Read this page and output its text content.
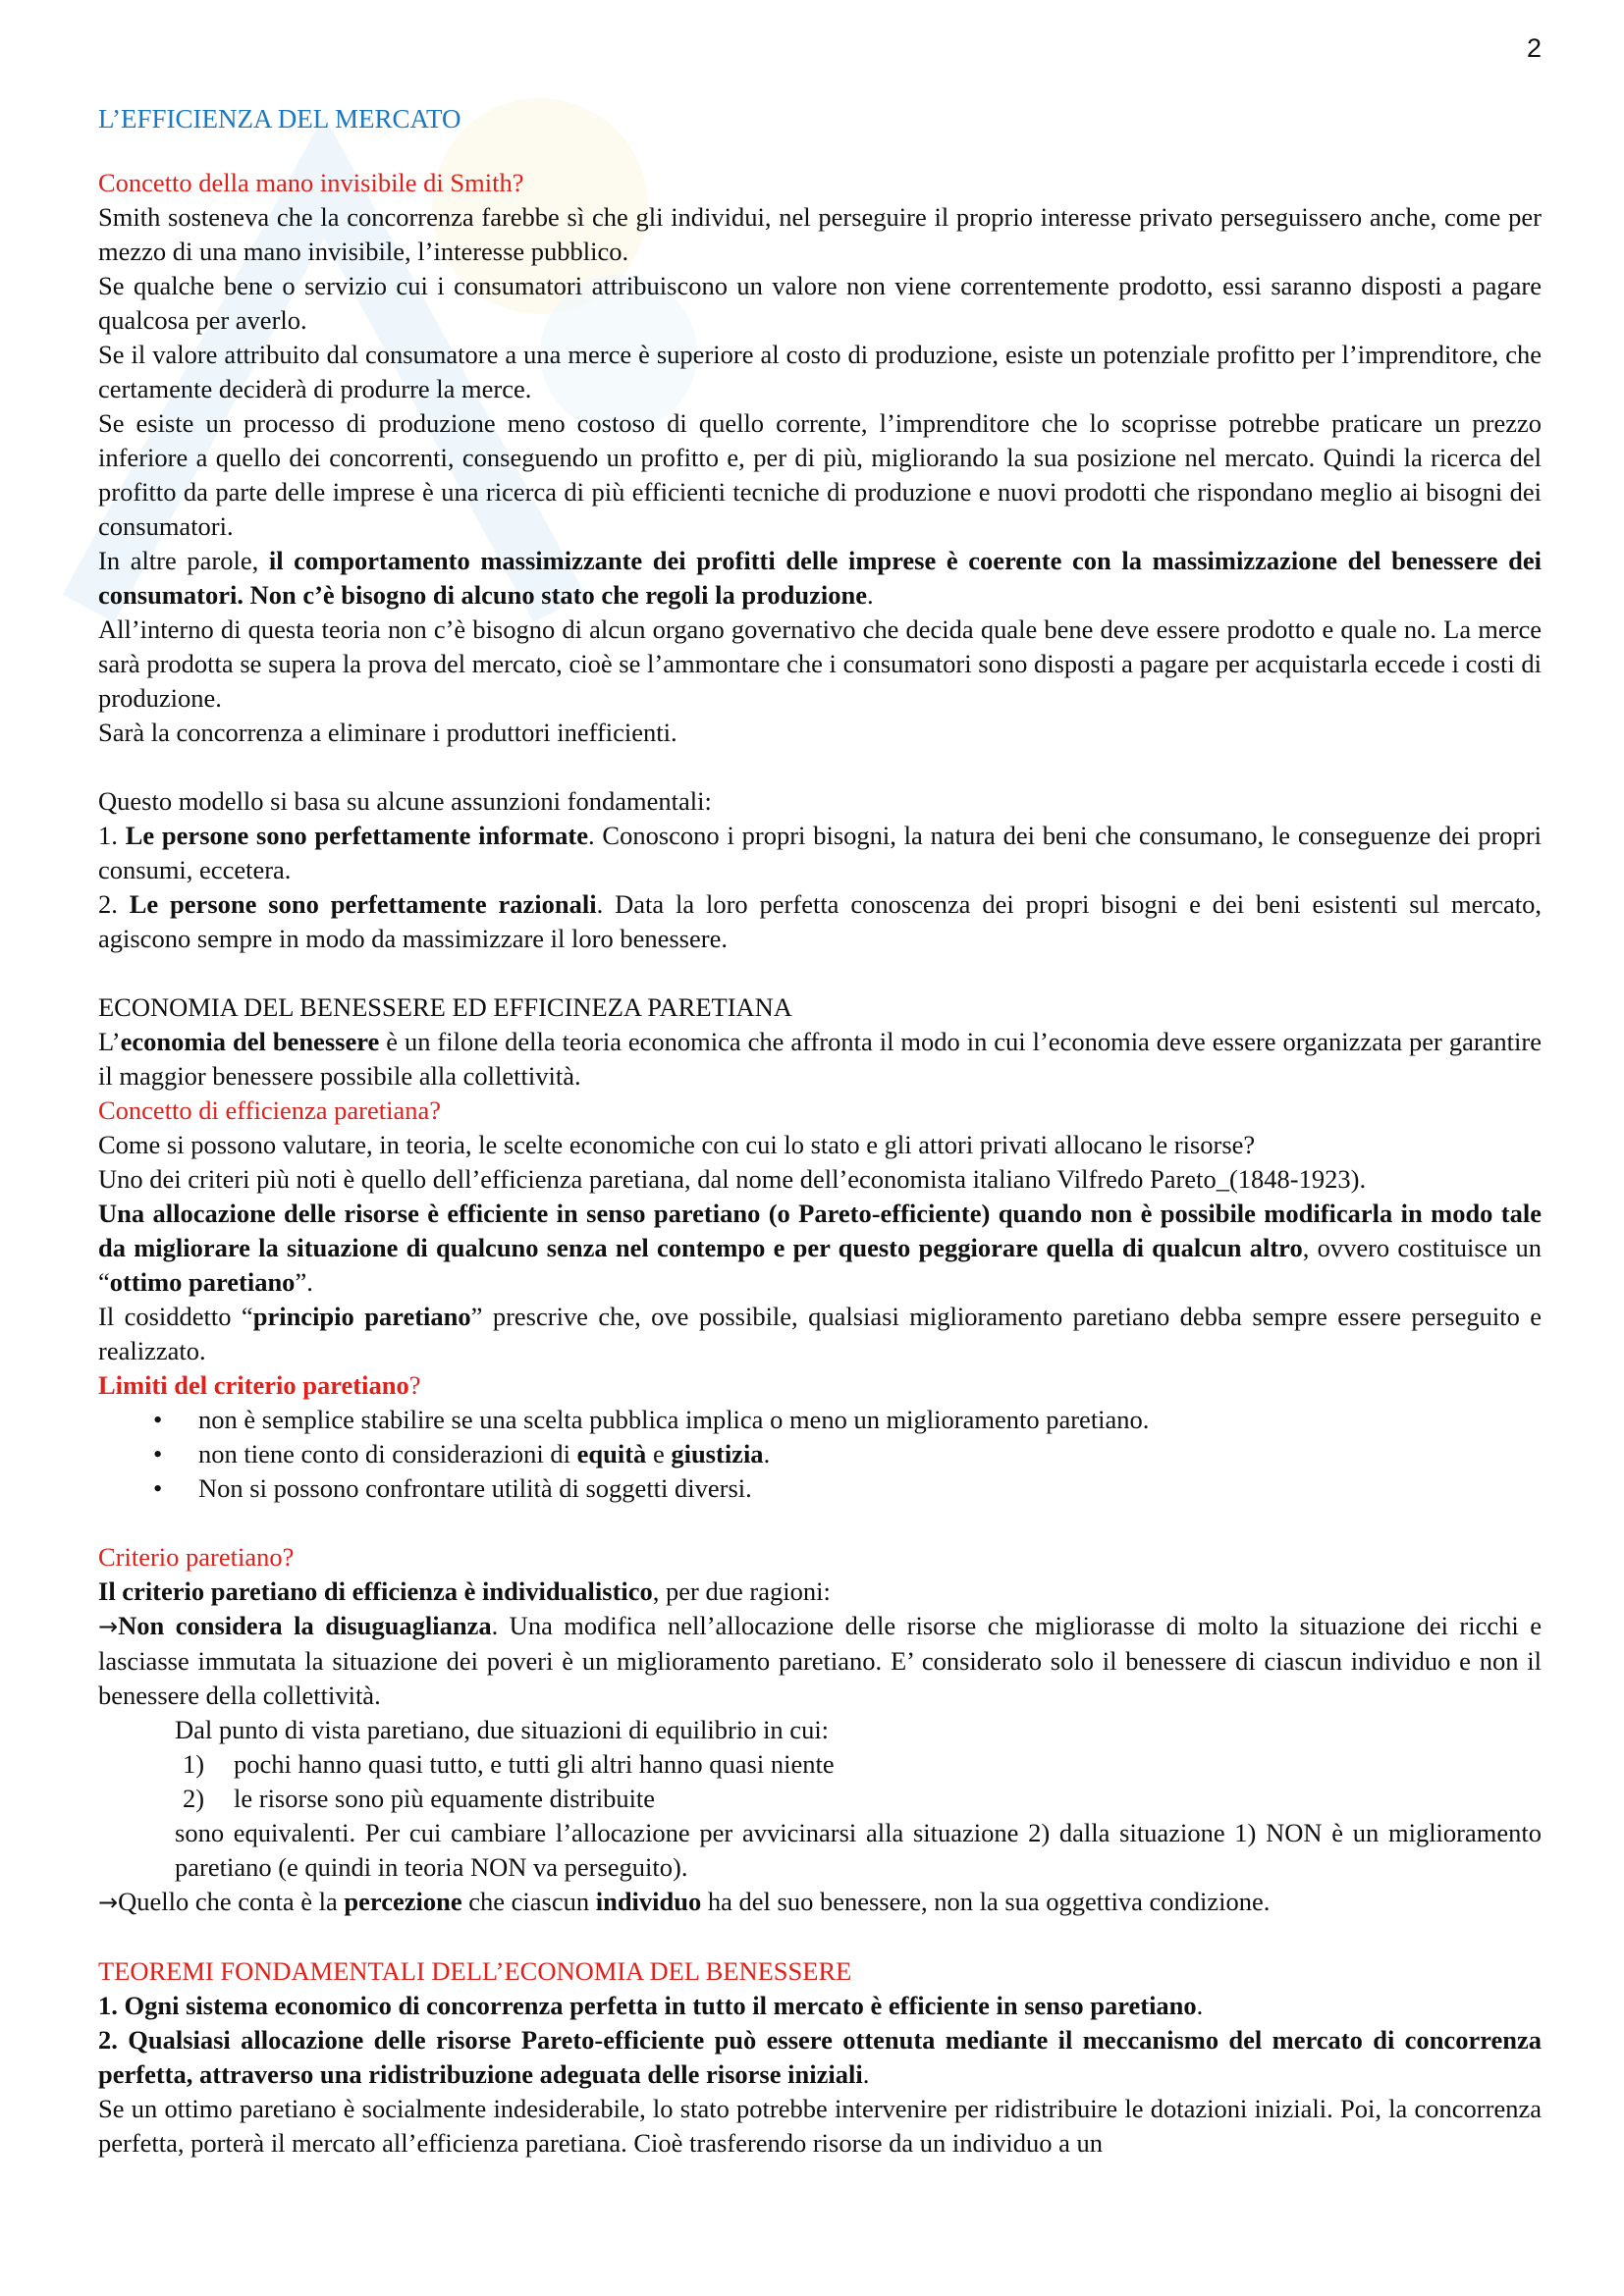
2

L’EFFICIENZA DEL MERCATO

Concetto della mano invisibile di Smith?

Smith sosteneva che la concorrenza farebbe sì che gli individui, nel perseguire il proprio interesse privato perseguissero anche, come per mezzo di una mano invisibile, l’interesse pubblico.

Se qualche bene o servizio cui i consumatori attribuiscono un valore non viene correntemente prodotto, essi saranno disposti a pagare qualcosa per averlo.

Se il valore attribuito dal consumatore a una merce è superiore al costo di produzione, esiste un potenziale profitto per l’imprenditore, che certamente deciderà di produrre la merce.

Se esiste un processo di produzione meno costoso di quello corrente, l’imprenditore che lo scoprisse potrebbe praticare un prezzo inferiore a quello dei concorrenti, conseguendo un profitto e, per di più, migliorando la sua posizione nel mercato. Quindi la ricerca del profitto da parte delle imprese è una ricerca di più efficienti tecniche di produzione e nuovi prodotti che rispondano meglio ai bisogni dei consumatori.

In altre parole, il comportamento massimizzante dei profitti delle imprese è coerente con la massimizzazione del benessere dei consumatori. Non c’è bisogno di alcuno stato che regoli la produzione.

All’interno di questa teoria non c’è bisogno di alcun organo governativo che decida quale bene deve essere prodotto e quale no. La merce sarà prodotta se supera la prova del mercato, cioè se l’ammontare che i consumatori sono disposti a pagare per acquistarla eccede i costi di produzione.

Sarà la concorrenza a eliminare i produttori inefficienti.

Questo modello si basa su alcune assunzioni fondamentali:

1. Le persone sono perfettamente informate. Conoscono i propri bisogni, la natura dei beni che consumano, le conseguenze dei propri consumi, eccetera.

2. Le persone sono perfettamente razionali. Data la loro perfetta conoscenza dei propri bisogni e dei beni esistenti sul mercato, agiscono sempre in modo da massimizzare il loro benessere.

ECONOMIA DEL BENESSERE ED EFFICINEZA PARETIANA

L’economia del benessere è un filone della teoria economica che affronta il modo in cui l’economia deve essere organizzata per garantire il maggior benessere possibile alla collettività.

Concetto di efficienza paretiana?

Come si possono valutare, in teoria, le scelte economiche con cui lo stato e gli attori privati allocano le risorse?

Uno dei criteri più noti è quello dell’efficienza paretiana, dal nome dell’economista italiano Vilfredo Pareto_(1848-1923).

Una allocazione delle risorse è efficiente in senso paretiano (o Pareto-efficiente) quando non è possibile modificarla in modo tale da migliorare la situazione di qualcuno senza nel contempo e per questo peggiorare quella di qualcun altro, ovvero costituisce un “ottimo paretiano”.

Il cosiddetto “principio paretiano” prescrive che, ove possibile, qualsiasi miglioramento paretiano debba sempre essere perseguito e realizzato.

Limiti del criterio paretiano?

• non è semplice stabilire se una scelta pubblica implica o meno un miglioramento paretiano.
• non tiene conto di considerazioni di equità e giustizia.
• Non si possono confrontare utilità di soggetti diversi.

Criterio paretiano?

Il criterio paretiano di efficienza è individualistico, per due ragioni:

→Non considera la disuguaglianza. Una modifica nell’allocazione delle risorse che migliorasse di molto la situazione dei ricchi e lasciasse immutata la situazione dei poveri è un miglioramento paretiano. E’ considerato solo il benessere di ciascun individuo e non il benessere della collettività.

Dal punto di vista paretiano, due situazioni di equilibrio in cui:

1) pochi hanno quasi tutto, e tutti gli altri hanno quasi niente

2) le risorse sono più equamente distribuite

sono equivalenti. Per cui cambiare l’allocazione per avvicinarsi alla situazione 2) dalla situazione 1) NON è un miglioramento paretiano (e quindi in teoria NON va perseguito).

→Quello che conta è la percezione che ciascun individuo ha del suo benessere, non la sua oggettiva condizione.

TEOREMI FONDAMENTALI DELL’ECONOMIA DEL BENESSERE

1. Ogni sistema economico di concorrenza perfetta in tutto il mercato è efficiente in senso paretiano.

2. Qualsiasi allocazione delle risorse Pareto-efficiente può essere ottenuta mediante il meccanismo del mercato di concorrenza perfetta, attraverso una ridistribuzione adeguata delle risorse iniziali.

Se un ottimo paretiano è socialmente indesiderabile, lo stato potrebbe intervenire per ridistribuire le dotazioni iniziali. Poi, la concorrenza perfetta, porterà il mercato all’efficienza paretiana. Cioè trasferendo risorse da un individuo a un
